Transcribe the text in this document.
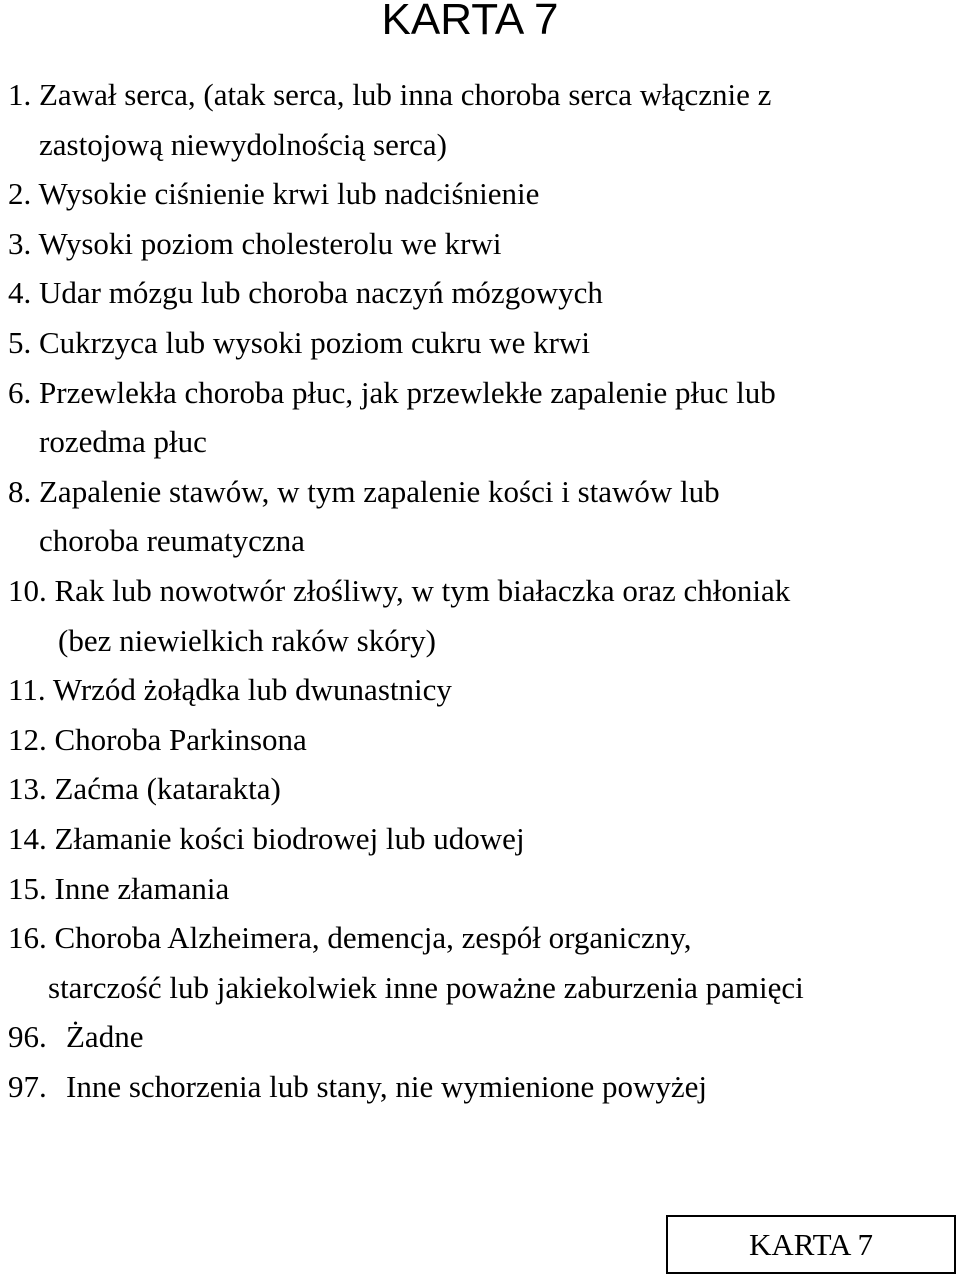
KARTA 7
1. Zawał serca, (atak serca, lub inna choroba serca włącznie z
zastojową niewydolnością serca)
2. Wysokie ciśnienie krwi lub nadciśnienie
3. Wysoki poziom cholesterolu we krwi
4. Udar mózgu lub choroba naczyń mózgowych
5. Cukrzyca lub wysoki poziom cukru we krwi
6. Przewlekła choroba płuc, jak przewlekłe zapalenie płuc lub
rozedma płuc
8. Zapalenie stawów, w tym zapalenie kości i stawów lub
choroba reumatyczna
10. Rak lub nowotwór złośliwy, w tym białaczka oraz chłoniak
(bez niewielkich raków skóry)
11. Wrzód żołądka lub dwunastnicy
12. Choroba Parkinsona
13. Zaćma (katarakta)
14. Złamanie kości biodrowej lub udowej
15. Inne złamania
16. Choroba Alzheimera, demencja, zespół organiczny,
starczość lub jakiekolwiek inne poważne zaburzenia pamięci
96. Żadne
97. Inne schorzenia lub stany, nie wymienione powyżej
KARTA 7
